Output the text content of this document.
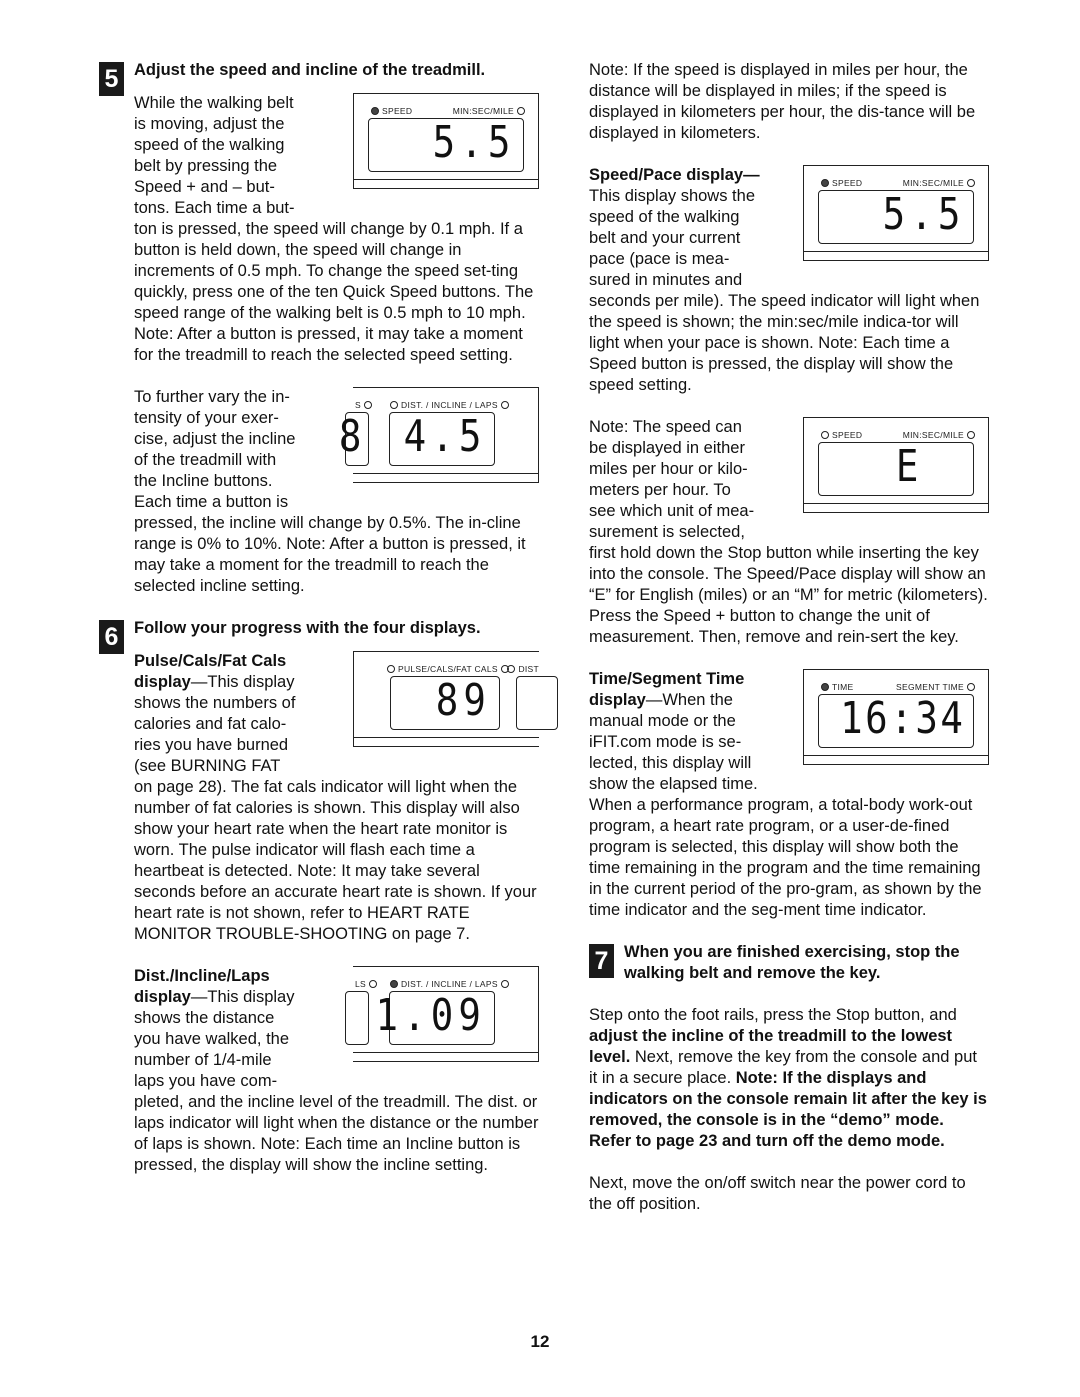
5 Adjust the speed and incline of the treadmill.
SPEED	MIN:SEC/MILE
5.5
While the walking belt
is moving, adjust the
speed of the walking
belt by pressing the
Speed + and – but-
tons. Each time a but-

ton is pressed, the speed will change by 0.1 mph. If a button is held down, the speed will change in increments of 0.5 mph. To change the speed set-ting quickly, press one of the ten Quick Speed buttons. The speed range of the walking belt is 0.5 mph to 10 mph. Note: After a button is pressed, it may take a moment for the treadmill to reach the selected speed setting.

S	DIST. / INCLINE / LAPS
8 4.5
To further vary the in-
tensity of your exer-
cise, adjust the incline
of the treadmill with
the Incline buttons.
Each time a button is

pressed, the incline will change by 0.5%. The in-cline range is 0% to 10%. Note: After a button is pressed, it may take a moment for the treadmill to reach the selected incline setting.

6 Follow your progress with the four displays.
PULSE/CALS/FAT CALS	DIST
89
Pulse/Cals/Fat Cals
display—This display
shows the numbers of
calories and fat calo-
ries you have burned
(see BURNING FAT

on page 28). The fat cals indicator will light when the number of fat calories is shown. This display will also show your heart rate when the heart rate monitor is worn. The pulse indicator will flash each time a heartbeat is detected. Note: It may take several seconds before an accurate heart rate is shown. If your heart rate is not shown, refer to HEART RATE MONITOR TROUBLE-SHOOTING on page 7.

LS	DIST. / INCLINE / LAPS
1.09
Dist./Incline/Laps
display—This display
shows the distance
you have walked, the
number of 1/4-mile
laps you have com-

pleted, and the incline level of the treadmill. The dist. or laps indicator will light when the distance or the number of laps is shown. Note: Each time an Incline button is pressed, the display will show the incline setting.

Note: If the speed is displayed in miles per hour, the distance will be displayed in miles; if the speed is displayed in kilometers per hour, the dis-tance will be displayed in kilometers.

SPEED	MIN:SEC/MILE
5.5
Speed/Pace display—
This display shows the
speed of the walking
belt and your current
pace (pace is mea-
sured in minutes and

seconds per mile). The speed indicator will light when the speed is shown; the min:sec/mile indica-tor will light when your pace is shown. Note: Each time a Speed button is pressed, the display will show the speed setting.

SPEED	MIN:SEC/MILE
E
Note: The speed can
be displayed in either
miles per hour or kilo-
meters per hour. To
see which unit of mea-
surement is selected,

first hold down the Stop button while inserting the key into the console. The Speed/Pace display will show an “E” for English (miles) or an “M” for metric (kilometers). Press the Speed + button to change the unit of measurement. Then, remove and rein-sert the key.

TIME	SEGMENT TIME
16:34
Time/Segment Time
display—When the
manual mode or the
iFIT.com mode is se-
lected, this display will
show the elapsed time.

When a performance program, a total-body work-out program, a heart rate program, or a user-de-fined program is selected, this display will show both the time remaining in the program and the time remaining in the current period of the pro-gram, as shown by the time indicator and the seg-ment time indicator.

7 When you are finished exercising, stop the walking belt and remove the key.

Step onto the foot rails, press the Stop button, and adjust the incline of the treadmill to the lowest level. Next, remove the key from the console and put it in a secure place. Note: If the displays and indicators on the console remain lit after the key is removed, the console is in the “demo” mode. Refer to page 23 and turn off the demo mode.

Next, move the on/off switch near the power cord to the off position.

12
